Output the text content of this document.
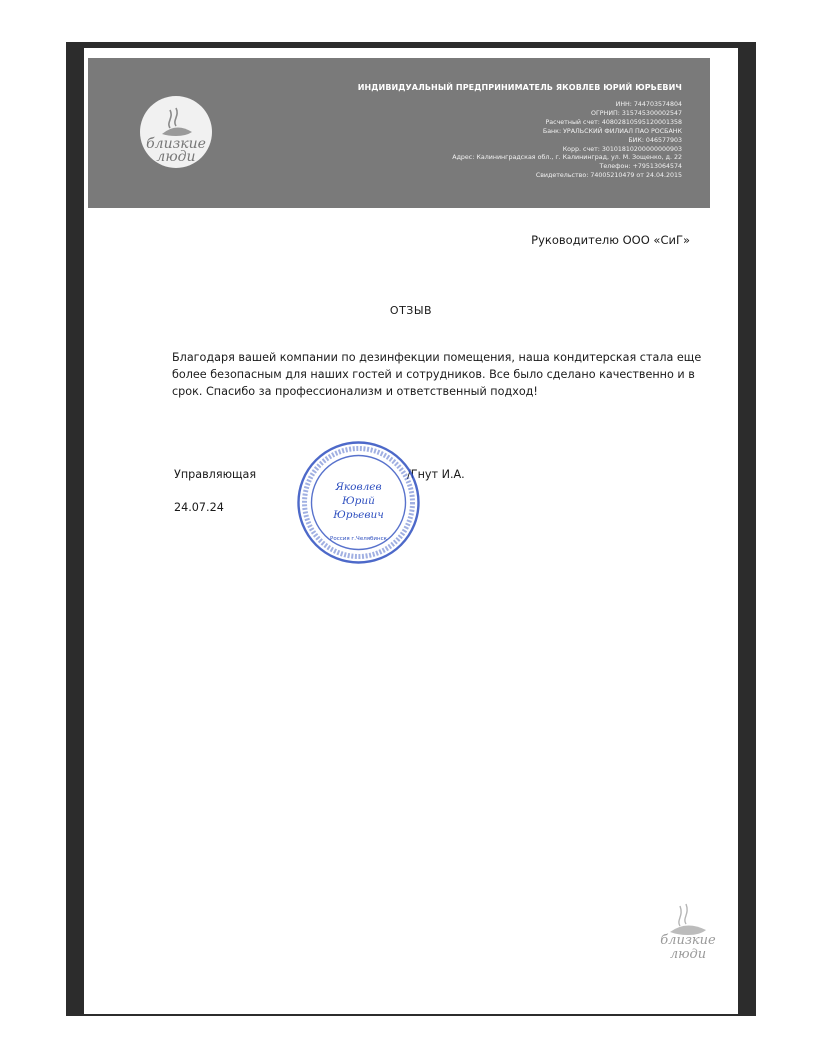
близкие
люди
ИНДИВИДУАЛЬНЫЙ ПРЕДПРИНИМАТЕЛЬ ЯКОВЛЕВ ЮРИЙ ЮРЬЕВИЧ
ИНН: 744703574804
ОГРНИП: 315745300002547
Расчетный счет: 40802810595120001358
Банк: УРАЛЬСКИЙ ФИЛИАЛ ПАО РОСБАНК
БИК: 046577903
Корр. счет: 30101810200000000903
Адрес: Калининградская обл., г. Калининград, ул. М. Зощенко, д. 22
Телефон: +79513064574
Свидетельство: 74005210479 от 24.04.2015
Руководителю ООО «СиГ»
ОТЗЫВ
Благодаря вашей компании по дезинфекции помещения, наша кондитерская стала еще
более безопасным для наших гостей и сотрудников. Все было сделано качественно и в
срок. Спасибо за профессионализм и ответственный подход!
Управляющая	/Гнут И.А.
24.07.24
Яковлев
Юрий
Юрьевич
Россия г.Челябинск
близкие
люди
